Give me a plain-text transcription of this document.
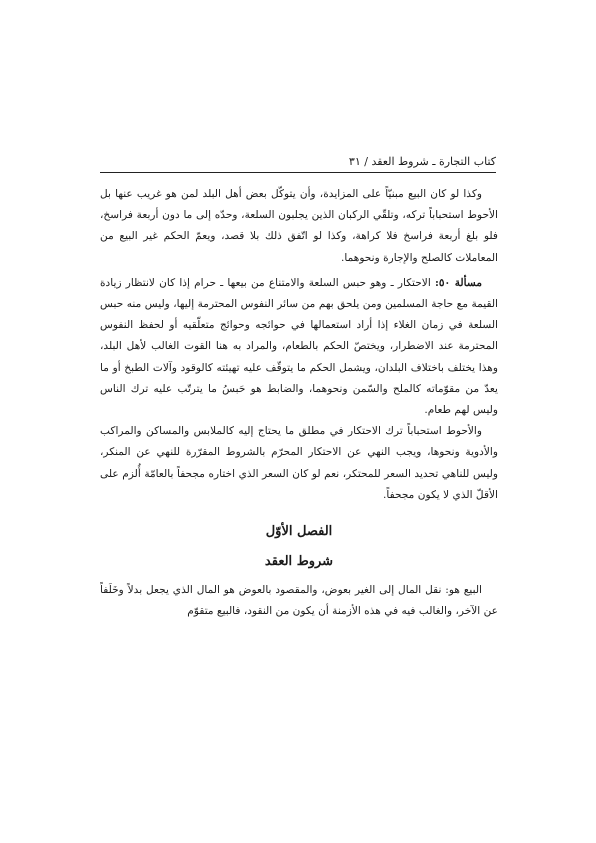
كتاب التجارة ـ شروط العقد / ٣١

وكذا لو كان البيع مبنيّاً على المزايدة، وأن يتوكّل بعض أهل البلد لمن هو غريب عنها بل الأحوط استحباباً تركه، وتلقّي الركبان الذين يجلبون السلعة، وحدّه إلى ما دون أربعة فراسخ، فلو بلغ أربعة فراسخ فلا كراهة، وكذا لو اتّفق ذلك بلا قصد، ويعمّ الحكم غير البيع من المعاملات كالصلح والإجارة ونحوهما.

مسألة ٥٠: الاحتكار ـ وهو حبس السلعة والامتناع من بيعها ـ حرام إذا كان لانتظار زيادة القيمة مع حاجة المسلمين ومن يلحق بهم من سائر النفوس المحترمة إليها، وليس منه حبس السلعة في زمان الغلاء إذا أراد استعمالها في حوائجه وحوائج متعلّقيه أو لحفظ النفوس المحترمة عند الاضطرار، ويختصّ الحكم بالطعام، والمراد به هنا القوت الغالب لأهل البلد، وهذا يختلف باختلاف البلدان، ويشمل الحكم ما يتوقّف عليه تهيئته كالوقود وآلات الطبخ أو ما يعدّ من مقوّماته كالملح والسّمن ونحوهما، والضابط هو حَبسُ ما يترتّب عليه ترك الناس وليس لهم طعام.

والأحوط استحباباً ترك الاحتكار في مطلق ما يحتاج إليه كالملابس والمساكن والمراكب والأدوية ونحوها، ويجب النهي عن الاحتكار المحرّم بالشروط المقرّرة للنهي عن المنكر، وليس للناهي تحديد السعر للمحتكر، نعم لو كان السعر الذي اختاره مجحفاً بالعامّة أُلزم على الأقلّ الذي لا يكون مجحفاً.

الفصل الأوّل
شروط العقد

البيع هو: نقل المال إلى الغير بعوض، والمقصود بالعوض هو المال الذي يجعل بدلاً وخَلَفاً عن الآخر، والغالب فيه في هذه الأزمنة أن يكون من النقود، فالبيع متقوّم
